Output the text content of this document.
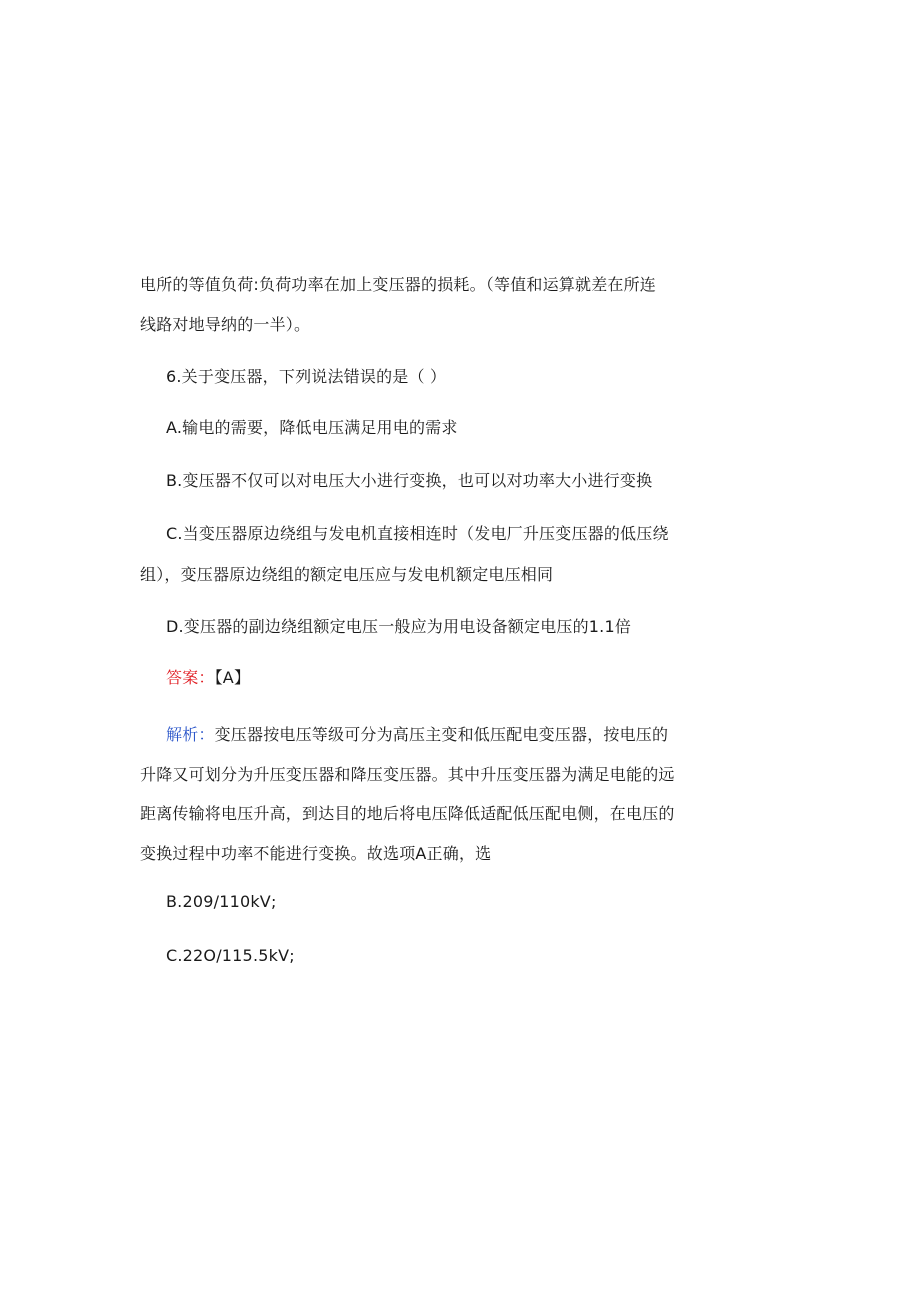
电所的等值负荷:负荷功率在加上变压器的损耗。（等值和运算就差在所连
线路对地导纳的一半）。
6.关于变压器，下列说法错误的是（ ）
A.输电的需要，降低电压满足用电的需求
B.变压器不仅可以对电压大小进行变换，也可以对功率大小进行变换
C.当变压器原边绕组与发电机直接相连时（发电厂升压变压器的低压绕
组），变压器原边绕组的额定电压应与发电机额定电压相同
D.变压器的副边绕组额定电压一般应为用电设备额定电压的1.1倍
答案：【A】
解析：变压器按电压等级可分为高压主变和低压配电变压器，按电压的
升降又可划分为升压变压器和降压变压器。其中升压变压器为满足电能的远
距离传输将电压升高，到达目的地后将电压降低适配低压配电侧，在电压的
变换过程中功率不能进行变换。故选项A正确，选
B.209/110kV;
C.22O/115.5kV;
